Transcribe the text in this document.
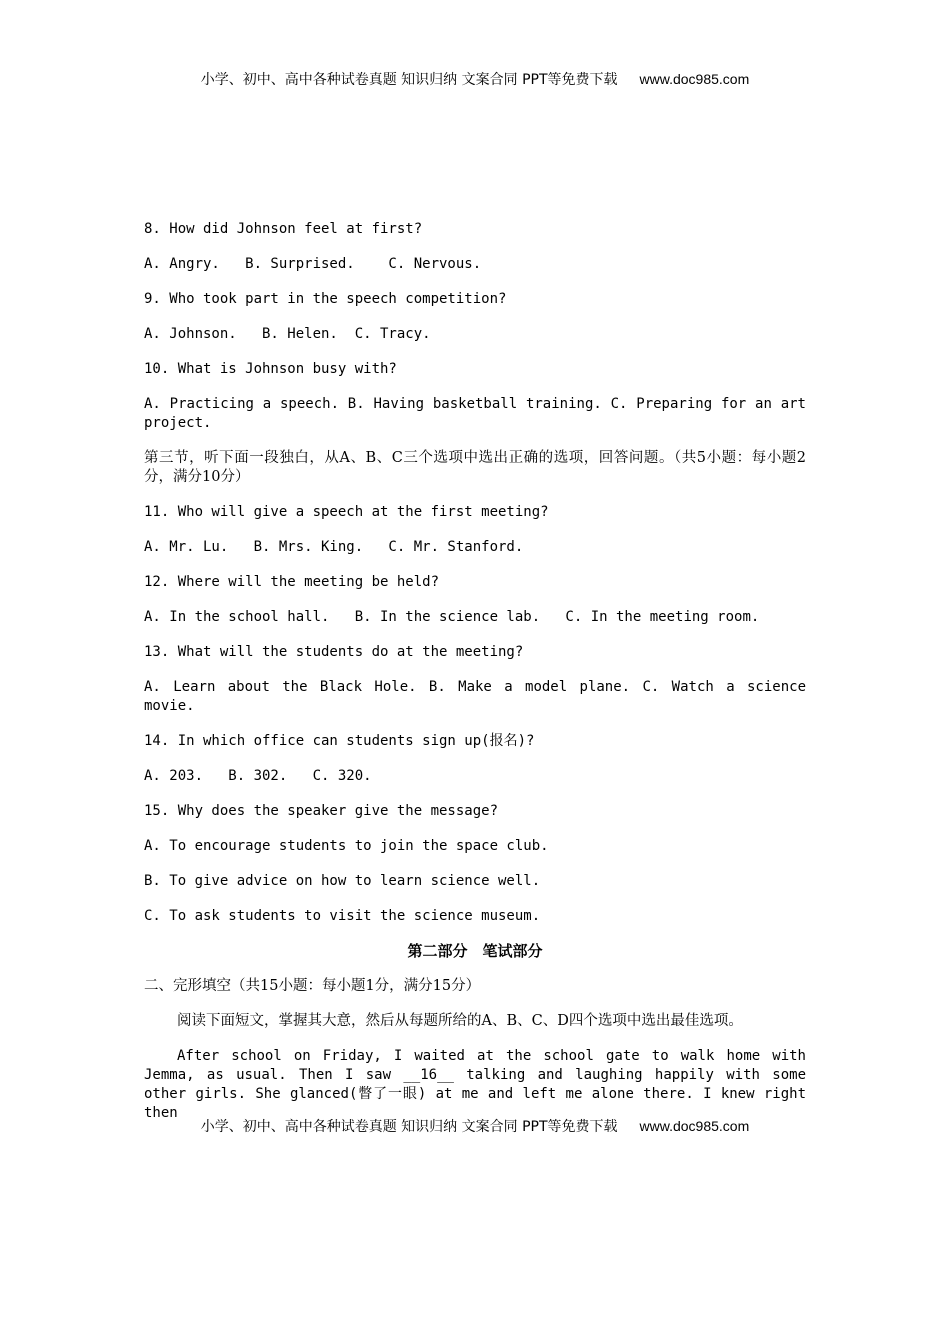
小学、初中、高中各种试卷真题 知识归纳 文案合同 PPT等免费下载 www.doc985.com

8. How did Johnson feel at first?

A. Angry.   B. Surprised.    C. Nervous.

9. Who took part in the speech competition?

A. Johnson.   B. Helen.  C. Tracy.

10. What is Johnson busy with?

A. Practicing a speech. B. Having basketball training. C. Preparing for an art project.

第三节，听下面一段独白，从A、B、C三个选项中选出正确的选项，回答问题。（共5小题：每小题2分，满分10分）

11. Who will give a speech at the first meeting?

A. Mr. Lu.   B. Mrs. King.   C. Mr. Stanford.

12. Where will the meeting be held?

A. In the school hall.   B. In the science lab.   C. In the meeting room.

13. What will the students do at the meeting?

A. Learn about the Black Hole. B. Make a model plane. C. Watch a science movie.

14. In which office can students sign up(报名)?

A. 203.   B. 302.   C. 320.

15. Why does the speaker give the message?

A. To encourage students to join the space club.

B. To give advice on how to learn science well.

C. To ask students to visit the science museum.

第二部分　笔试部分

二、完形填空（共15小题：每小题1分，满分15分）

阅读下面短文，掌握其大意，然后从每题所给的A、B、C、D四个选项中选出最佳选项。

After school on Friday, I waited at the school gate to walk home with Jemma, as usual. Then I saw __16__ talking and laughing happily with some other girls. She glanced(瞥了一眼) at me and left me alone there. I knew right then

小学、初中、高中各种试卷真题 知识归纳 文案合同 PPT等免费下载 www.doc985.com
